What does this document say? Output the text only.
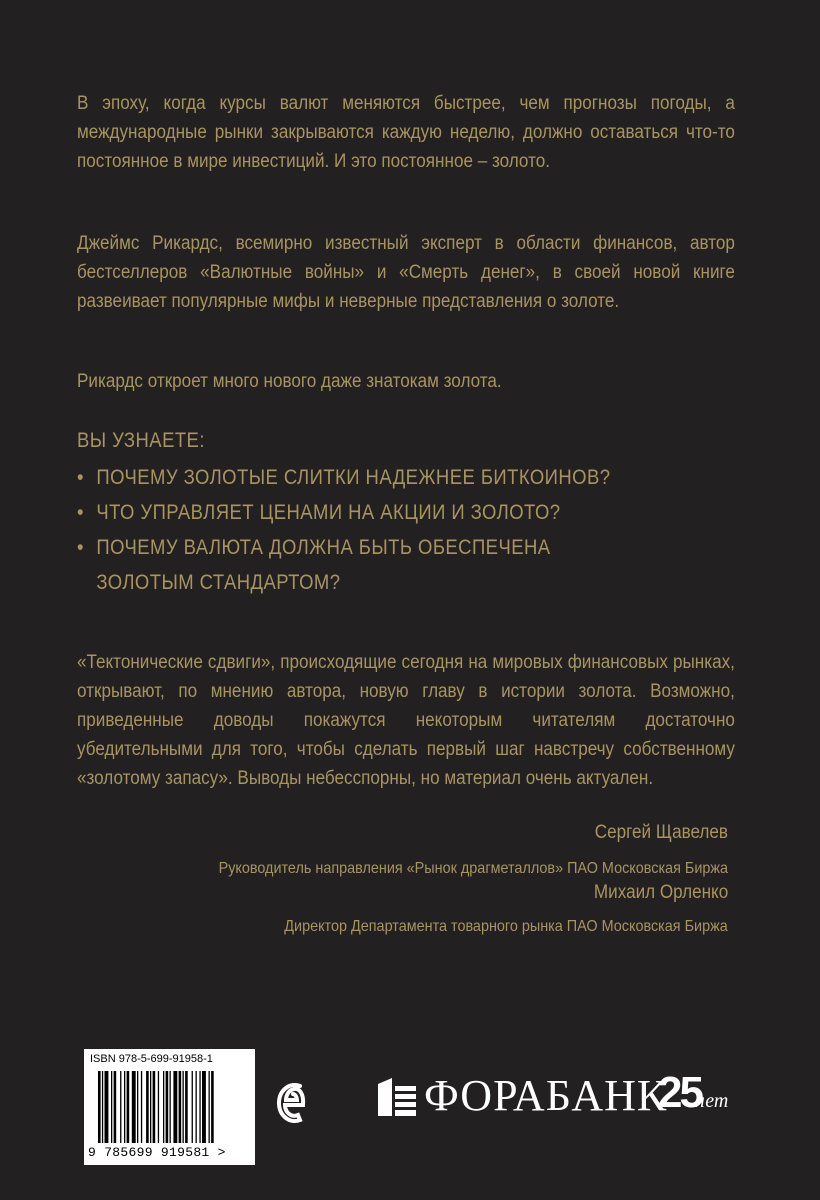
В эпоху, когда курсы валют меняются быстрее, чем прогнозы погоды, а международные рынки закрываются каждую неделю, должно оставаться что-то постоянное в мире инвестиций. И это постоянное – золото.

Джеймс Рикардс, всемирно известный эксперт в области финансов, автор бестселлеров «Валютные войны» и «Смерть денег», в своей новой книге развеивает популярные мифы и неверные представления о золоте.

Рикардс откроет много нового даже знатокам золота.

ВЫ УЗНАЕТЕ:
• ПОЧЕМУ ЗОЛОТЫЕ СЛИТКИ НАДЕЖНЕЕ БИТКОИНОВ?
• ЧТО УПРАВЛЯЕТ ЦЕНАМИ НА АКЦИИ И ЗОЛОТО?
• ПОЧЕМУ ВАЛЮТА ДОЛЖНА БЫТЬ ОБЕСПЕЧЕНА
ЗОЛОТЫМ СТАНДАРТОМ?

«Тектонические сдвиги», происходящие сегодня на мировых финансовых рынках, открывают, по мнению автора, новую главу в истории золота. Возможно, приведенные доводы покажутся некоторым читателям достаточно убедительными для того, чтобы сделать первый шаг навстречу собственному «золотому запасу». Выводы небесспорны, но материал очень актуален.

Сергей Щавелев
Руководитель направления «Рынок драгметаллов» ПАО Московская Биржа
Михаил Орленко
Директор Департамента товарного рынка ПАО Московская Биржа
ISBN 978-5-699-91958-1
9 785699 919581 >
ФОРАБАНК
25
лет
